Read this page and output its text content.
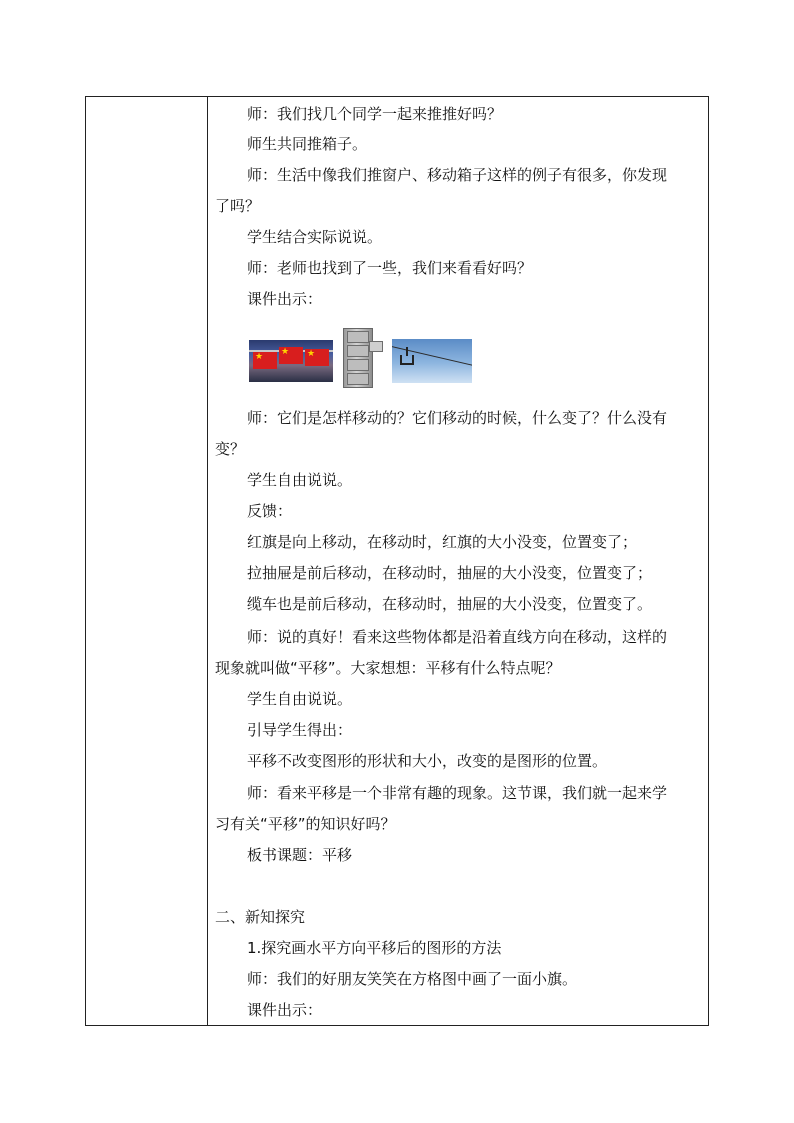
师：我们找几个同学一起来推推好吗？
师生共同推箱子。
师：生活中像我们推窗户、移动箱子这样的例子有很多，你发现
了吗？
学生结合实际说说。
师：老师也找到了一些，我们来看看好吗？
课件出示：
★ ★ ★
师：它们是怎样移动的？它们移动的时候，什么变了？什么没有
变？
学生自由说说。
反馈：
红旗是向上移动，在移动时，红旗的大小没变，位置变了；
拉抽屉是前后移动，在移动时，抽屉的大小没变，位置变了；
缆车也是前后移动，在移动时，抽屉的大小没变，位置变了。
师：说的真好！看来这些物体都是沿着直线方向在移动，这样的
现象就叫做“平移”。大家想想：平移有什么特点呢？
学生自由说说。
引导学生得出：
平移不改变图形的形状和大小，改变的是图形的位置。
师：看来平移是一个非常有趣的现象。这节课，我们就一起来学
习有关“平移”的知识好吗？
板书课题：平移
二、新知探究
1.探究画水平方向平移后的图形的方法
师：我们的好朋友笑笑在方格图中画了一面小旗。
课件出示：
